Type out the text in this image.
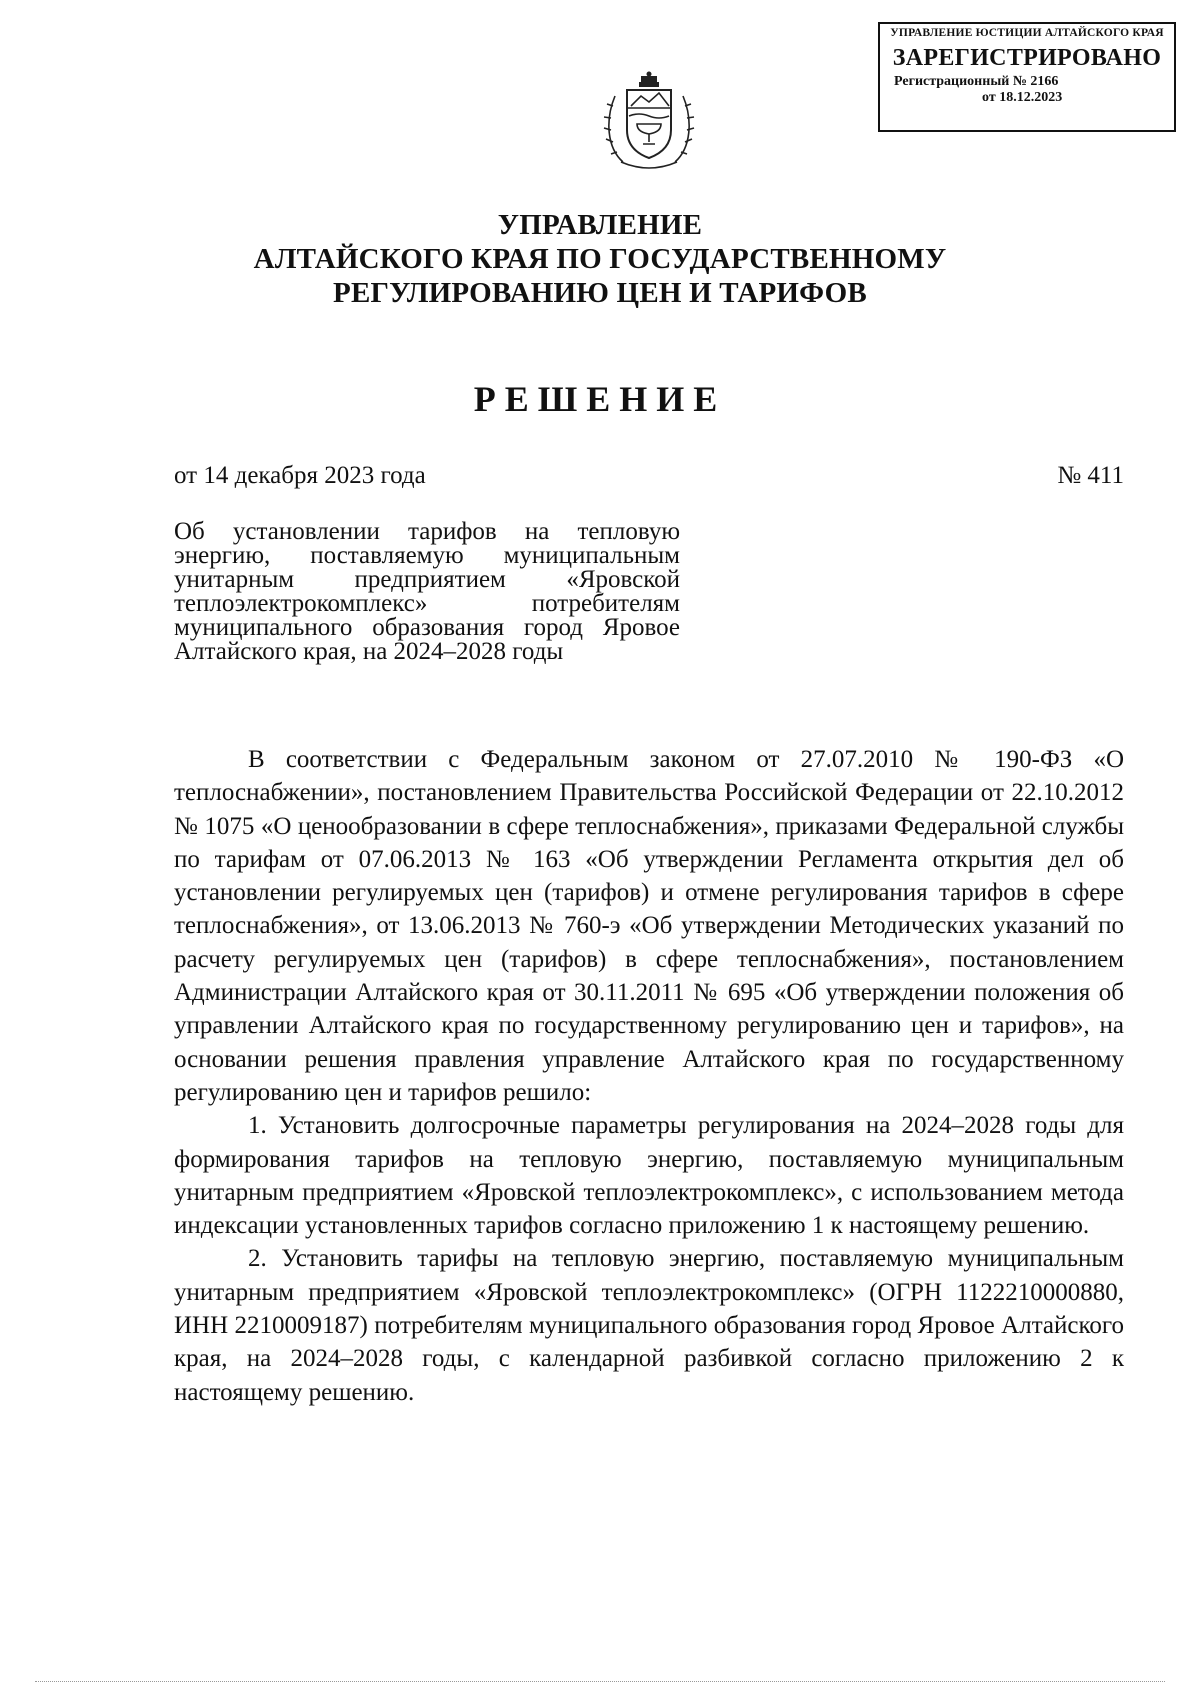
УПРАВЛЕНИЕ ЮСТИЦИИ АЛТАЙСКОГО КРАЯ
ЗАРЕГИСТРИРОВАНО
Регистрационный № 2166
от 18.12.2023
УПРАВЛЕНИЕ
АЛТАЙСКОГО КРАЯ ПО ГОСУДАРСТВЕННОМУ
РЕГУЛИРОВАНИЮ ЦЕН И ТАРИФОВ
РЕШЕНИЕ
от 14 декабря 2023 года	№ 411
Об установлении тарифов на тепловую энергию, поставляемую муниципальным унитарным предприятием «Яровской теплоэлектрокомплекс» потребителям муниципального образования город Яровое Алтайского края, на 2024–2028 годы

В соответствии с Федеральным законом от 27.07.2010 № 190-ФЗ «О теплоснабжении», постановлением Правительства Российской Федерации от 22.10.2012 № 1075 «О ценообразовании в сфере теплоснабжения», приказами Федеральной службы по тарифам от 07.06.2013 № 163 «Об утверждении Регламента открытия дел об установлении регулируемых цен (тарифов) и отмене регулирования тарифов в сфере теплоснабжения», от 13.06.2013 № 760-э «Об утверждении Методических указаний по расчету регулируемых цен (тарифов) в сфере теплоснабжения», постановлением Администрации Алтайского края от 30.11.2011 № 695 «Об утверждении положения об управлении Алтайского края по государственному регулированию цен и тарифов», на основании решения правления управление Алтайского края по государственному регулированию цен и тарифов решило:

1. Установить долгосрочные параметры регулирования на 2024–2028 годы для формирования тарифов на тепловую энергию, поставляемую муниципальным унитарным предприятием «Яровской теплоэлектрокомплекс», с использованием метода индексации установленных тарифов согласно приложению 1 к настоящему решению.

2. Установить тарифы на тепловую энергию, поставляемую муниципальным унитарным предприятием «Яровской теплоэлектрокомплекс» (ОГРН 1122210000880, ИНН 2210009187) потребителям муниципального образования город Яровое Алтайского края, на 2024–2028 годы, с календарной разбивкой согласно приложению 2 к настоящему решению.
